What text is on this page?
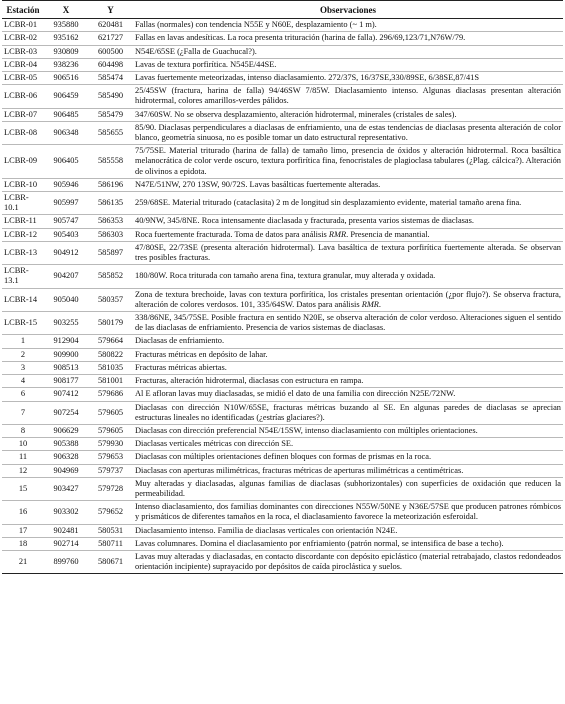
Estación	X	Y	Observaciones
LCBR-01	935880	620481	Fallas (normales) con tendencia N55E y N60E, desplazamiento (~ 1 m).
LCBR-02	935162	621727	Fallas en lavas andesíticas. La roca presenta trituración (harina de falla). 296/69,123/71,N76W/79.
LCBR-03	930809	600500	N54E/65SE (¿Falla de Guachucal?).
LCBR-04	938236	604498	Lavas de textura porfirítica. N545E/44SE.
LCBR-05	906516	585474	Lavas fuertemente meteorizadas, intenso diaclasamiento. 272/37S, 16/37SE,330/89SE, 6/38SE,87/41S
LCBR-06	906459	585490	25/45SW (fractura, harina de falla) 94/46SW 7/85W. Diaclasamiento intenso. Algunas diaclasas presentan alteración hidrotermal, colores amarillos-verdes pálidos.
LCBR-07	906485	585479	347/60SW. No se observa desplazamiento, alteración hidrotermal, minerales (cristales de sales).
LCBR-08	906348	585655	85/90. Diaclasas perpendiculares a diaclasas de enfriamiento, una de estas tendencias de diaclasas presenta alteración de color blanco, geometría sinuosa, no es posible tomar un dato estructural representativo.
LCBR-09	906405	585558	75/75SE. Material triturado (harina de falla) de tamaño limo, presencia de óxidos y alteración hidrotermal. Roca basáltica melanocrática de color verde oscuro, textura porfirítica fina, fenocristales de plagioclasa tabulares (¿Plag. cálcica?). Alteración de olivinos a epidota.
LCBR-10	905946	586196	N47E/51NW, 270 13SW, 90/72S. Lavas basálticas fuertemente alteradas.
LCBR-10.1	905997	586135	259/68SE. Material triturado (cataclasita) 2 m de longitud sin desplazamiento evidente, material tamaño arena fina.
LCBR-11	905747	586353	40/9NW, 345/8NE. Roca intensamente diaclasada y fracturada, presenta varios sistemas de diaclasas.
LCBR-12	905403	586303	Roca fuertemente fracturada. Toma de datos para análisis RMR. Presencia de manantial.
LCBR-13	904912	585897	47/80SE, 22/73SE (presenta alteración hidrotermal). Lava basáltica de textura porfirítica fuertemente alterada. Se observan tres posibles fracturas.
LCBR-13.1	904207	585852	180/80W. Roca triturada con tamaño arena fina, textura granular, muy alterada y oxidada.
LCBR-14	905040	580357	Zona de textura brechoide, lavas con textura porfirítica, los cristales presentan orientación (¿por flujo?). Se observa fractura, alteración de colores verdosos. 101, 335/64SW. Datos para análisis RMR.
LCBR-15	903255	580179	338/86NE, 345/75SE. Posible fractura en sentido N20E, se observa alteración de color verdoso. Alteraciones siguen el sentido de las diaclasas de enfriamiento. Presencia de varios sistemas de diaclasas.
1	912904	579664	Diaclasas de enfriamiento.
2	909900	580822	Fracturas métricas en depósito de lahar.
3	908513	581035	Fracturas métricas abiertas.
4	908177	581001	Fracturas, alteración hidrotermal, diaclasas con estructura en rampa.
6	907412	579686	Al E afloran lavas muy diaclasadas, se midió el dato de una familia con dirección N25E/72NW.
7	907254	579605	Diaclasas con dirección N10W/65SE, fracturas métricas buzando al SE. En algunas paredes de diaclasas se aprecian estructuras lineales no identificadas (¿estrías glaciares?).
8	906629	579605	Diaclasas con dirección preferencial N54E/15SW, intenso diaclasamiento con múltiples orientaciones.
10	905388	579930	Diaclasas verticales métricas con dirección SE.
11	906328	579653	Diaclasas con múltiples orientaciones definen bloques con formas de prismas en la roca.
12	904969	579737	Diaclasas con aperturas milimétricas, fracturas métricas de aperturas milimétricas a centimétricas.
15	903427	579728	Muy alteradas y diaclasadas, algunas familias de diaclasas (subhorizontales) con superficies de oxidación que reducen la permeabilidad.
16	903302	579652	Intenso diaclasamiento, dos familias dominantes con direcciones N55W/50NE y N36E/57SE que producen patrones rómbicos y prismáticos de diferentes tamaños en la roca, el diaclasamiento favorece la meteorización esferoidal.
17	902481	580531	Diaclasamiento intenso. Familia de diaclasas verticales con orientación N24E.
18	902714	580711	Lavas columnares. Domina el diaclasamiento por enfriamiento (patrón normal, se intensifica de base a techo).
21	899760	580671	Lavas muy alteradas y diaclasadas, en contacto discordante con depósito epiclástico (material retrabajado, clastos redondeados orientación incipiente) suprayacido por depósitos de caída piroclástica y suelos.
